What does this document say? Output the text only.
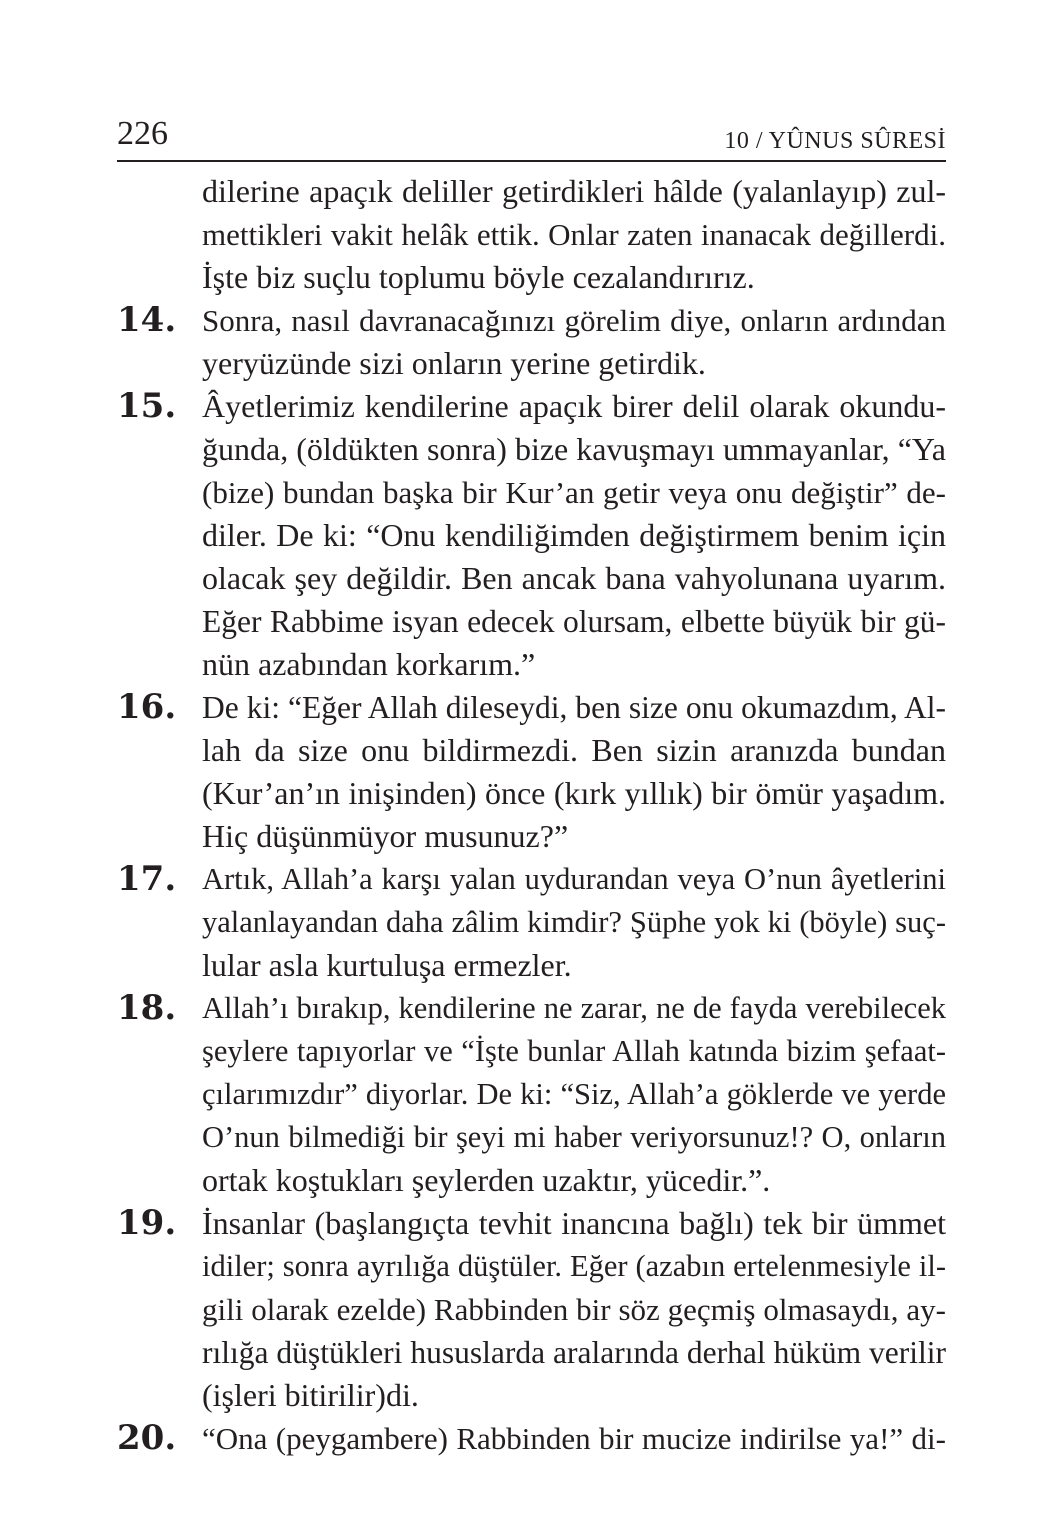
226	10 / YÛNUS SÛRESİ
dilerine apaçık deliller getirdikleri hâlde (yalanlayıp) zul-
mettikleri vakit helâk ettik. Onlar zaten inanacak değillerdi.
İşte biz suçlu toplumu böyle cezalandırırız.
14. Sonra, nasıl davranacağınızı görelim diye, onların ardından
yeryüzünde sizi onların yerine getirdik.
15. Âyetlerimiz kendilerine apaçık birer delil olarak okundu-
ğunda, (öldükten sonra) bize kavuşmayı ummayanlar, “Ya
(bize) bundan başka bir Kur’an getir veya onu değiştir” de-
diler. De ki: “Onu kendiliğimden değiştirmem benim için
olacak şey değildir. Ben ancak bana vahyolunana uyarım.
Eğer Rabbime isyan edecek olursam, elbette büyük bir gü-
nün azabından korkarım.”
16. De ki: “Eğer Allah dileseydi, ben size onu okumazdım, Al-
lah da size onu bildirmezdi. Ben sizin aranızda bundan
(Kur’an’ın inişinden) önce (kırk yıllık) bir ömür yaşadım.
Hiç düşünmüyor musunuz?”
17. Artık, Allah’a karşı yalan uydurandan veya O’nun âyetlerini
yalanlayandan daha zâlim kimdir? Şüphe yok ki (böyle) suç-
lular asla kurtuluşa ermezler.
18. Allah’ı bırakıp, kendilerine ne zarar, ne de fayda verebilecek
şeylere tapıyorlar ve “İşte bunlar Allah katında bizim şefaat-
çılarımızdır” diyorlar. De ki: “Siz, Allah’a göklerde ve yerde
O’nun bilmediği bir şeyi mi haber veriyorsunuz!? O, onların
ortak koştukları şeylerden uzaktır, yücedir.”.
19. İnsanlar (başlangıçta tevhit inancına bağlı) tek bir ümmet
idiler; sonra ayrılığa düştüler. Eğer (azabın ertelenmesiyle il-
gili olarak ezelde) Rabbinden bir söz geçmiş olmasaydı, ay-
rılığa düştükleri hususlarda aralarında derhal hüküm verilir
(işleri bitirilir)di.
20. “Ona (peygambere) Rabbinden bir mucize indirilse ya!” di-
